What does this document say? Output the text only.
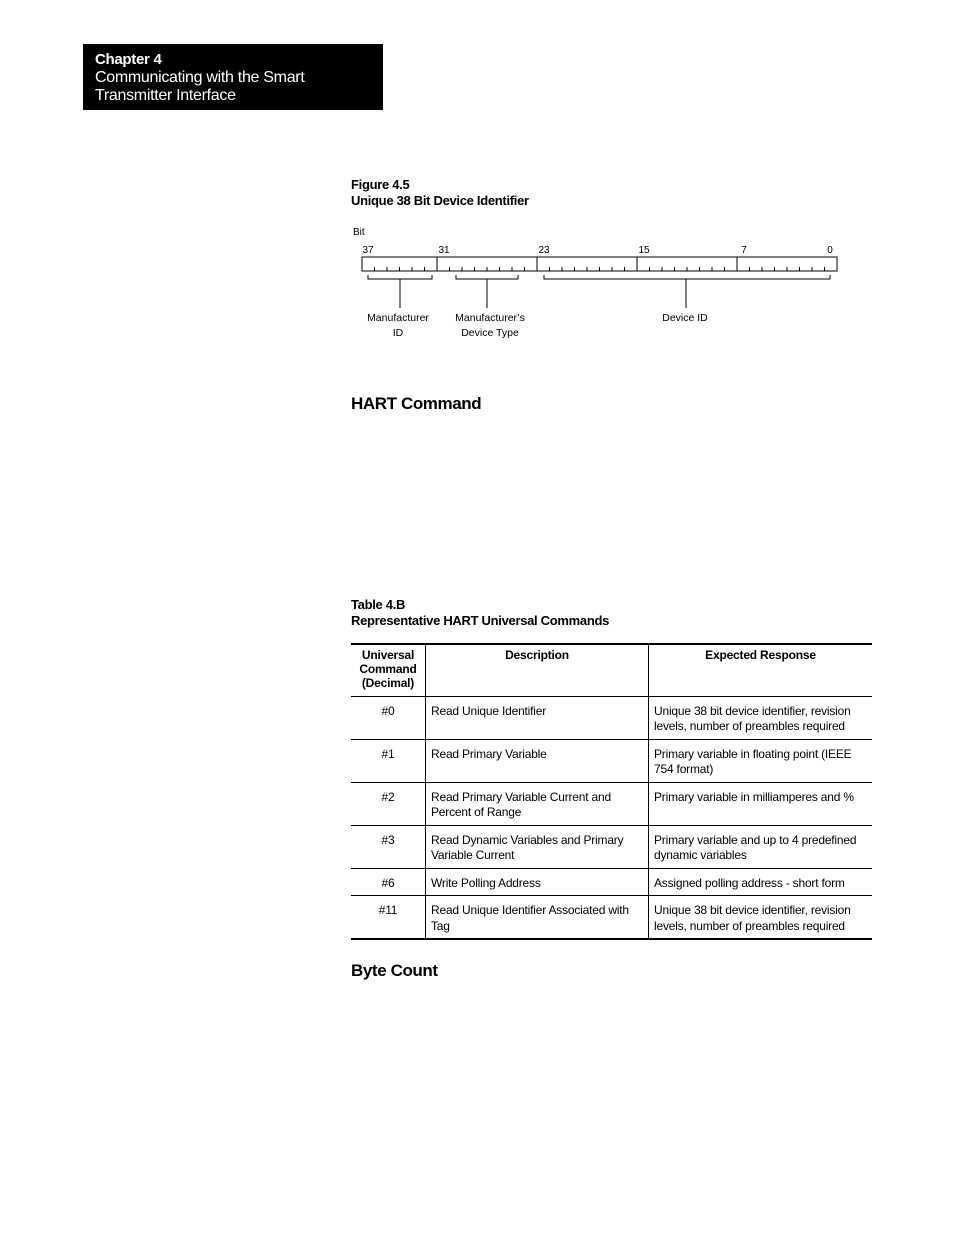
Chapter 4
Communicating with the Smart
Transmitter Interface
Figure 4.5
Unique 38 Bit Device Identifier
Bit
37	31	23	15	7	0
Manufacturer
ID
Manufacturer’s
Device Type
Device ID
HART Command
Table 4.B
Representative HART Universal Commands
Universal
Command
(Decimal)	Description	Expected Response
#0	Read Unique Identifier	Unique 38 bit device identifier, revision levels, number of preambles required
#1	Read Primary Variable	Primary variable in floating point (IEEE 754 format)
#2	Read Primary Variable Current and Percent of Range	Primary variable in milliamperes and %
#3	Read Dynamic Variables and Primary Variable Current	Primary variable and up to 4 predefined dynamic variables
#6	Write Polling Address	Assigned polling address - short form
#11	Read Unique Identifier Associated with Tag	Unique 38 bit device identifier, revision levels, number of preambles required
Byte Count
